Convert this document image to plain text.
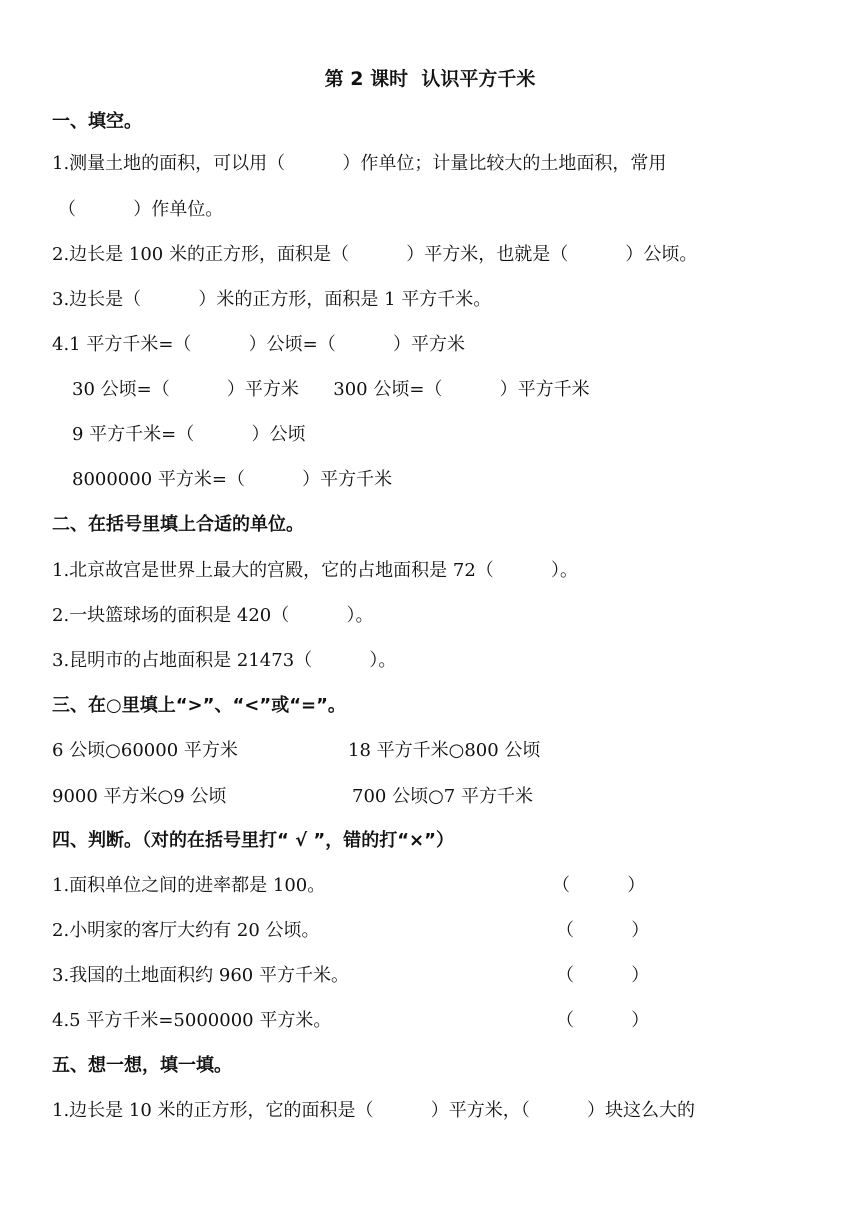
第 2 课时  认识平方千米
一、填空。
1.测量土地的面积，可以用（          ）作单位；计量比较大的土地面积，常用
（          ）作单位。
2.边长是 100 米的正方形，面积是（          ）平方米，也就是（          ）公顷。
3.边长是（          ）米的正方形，面积是 1 平方千米。
4.1 平方千米=（          ）公顷=（          ）平方米
30 公顷=（          ）平方米      300 公顷=（          ）平方千米
9 平方千米=（          ）公顷
8000000 平方米=（          ）平方千米
二、在括号里填上合适的单位。
1.北京故宫是世界上最大的宫殿，它的占地面积是 72（          ）。
2.一块篮球场的面积是 420（          ）。
3.昆明市的占地面积是 21473（          ）。
三、在○里填上“>”、“<”或“=”。
6 公顷○60000 平方米	18 平方千米○800 公顷
9000 平方米○9 公顷	700 公顷○7 平方千米
四、判断。（对的在括号里打“ √ ”，错的打“×”）
1.面积单位之间的进率都是 100。	（          ）
2.小明家的客厅大约有 20 公顷。	（          ）
3.我国的土地面积约 960 平方千米。	（          ）
4.5 平方千米=5000000 平方米。	（          ）
五、想一想，填一填。
1.边长是 10 米的正方形，它的面积是（          ）平方米，（          ）块这么大的
